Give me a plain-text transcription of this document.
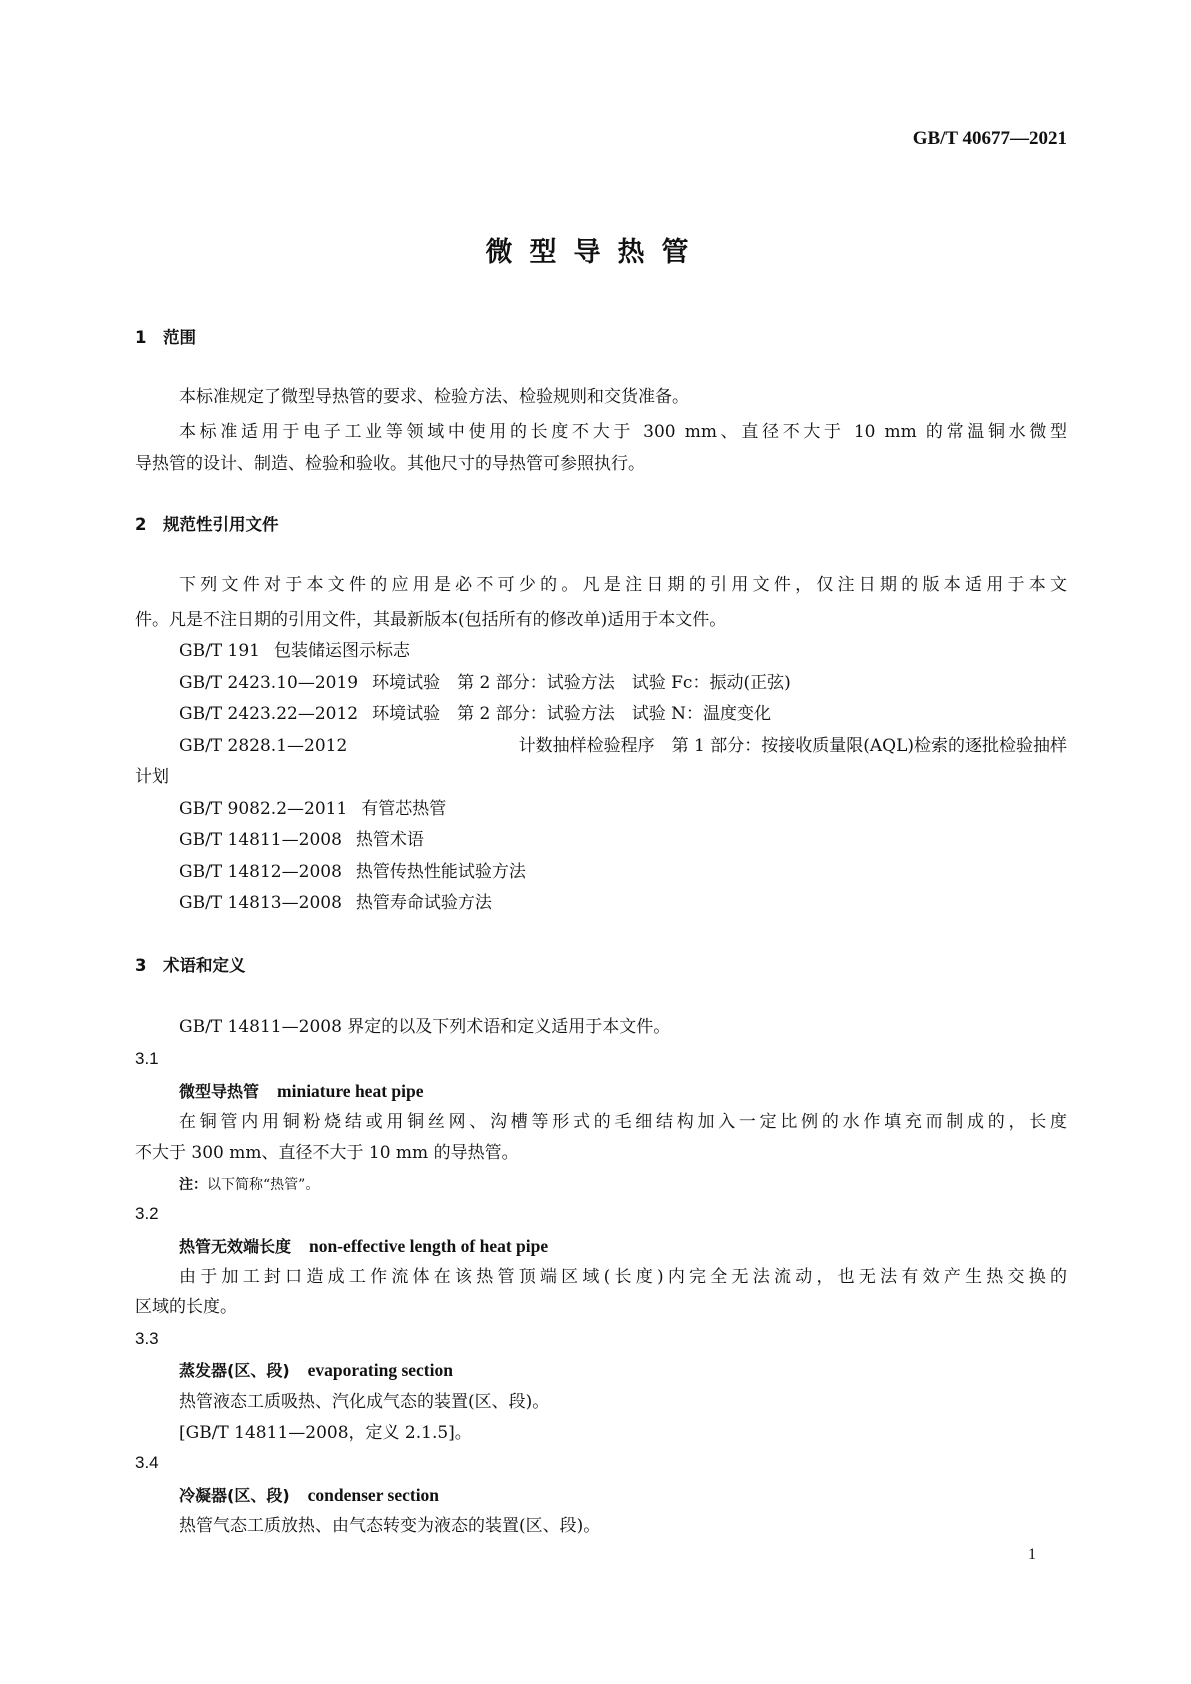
GB/T 40677—2021
微型导热管
1　范围
本标准规定了微型导热管的要求、检验方法、检验规则和交货准备。
本标准适用于电子工业等领域中使用的长度不大于 300 mm、直径不大于 10 mm 的常温铜水微型
导热管的设计、制造、检验和验收。其他尺寸的导热管可参照执行。
2　规范性引用文件
下列文件对于本文件的应用是必不可少的。凡是注日期的引用文件，仅注日期的版本适用于本文
件。凡是不注日期的引用文件，其最新版本(包括所有的修改单)适用于本文件。
GB/T 191 包装储运图示标志
GB/T 2423.10—2019 环境试验　第 2 部分：试验方法　试验 Fc：振动(正弦)
GB/T 2423.22—2012 环境试验　第 2 部分：试验方法　试验 N：温度变化
GB/T 2828.1—2012	计数抽样检验程序　第 1 部分：按接收质量限(AQL)检索的逐批检验抽样
计划
GB/T 9082.2—2011 有管芯热管
GB/T 14811—2008 热管术语
GB/T 14812—2008 热管传热性能试验方法
GB/T 14813—2008 热管寿命试验方法
3　术语和定义
GB/T 14811—2008 界定的以及下列术语和定义适用于本文件。
3.1
微型导热管 miniature heat pipe
在铜管内用铜粉烧结或用铜丝网、沟槽等形式的毛细结构加入一定比例的水作填充而制成的，长度
不大于 300 mm、直径不大于 10 mm 的导热管。
注：以下简称“热管”。
3.2
热管无效端长度 non-effective length of heat pipe
由于加工封口造成工作流体在该热管顶端区域(长度)内完全无法流动，也无法有效产生热交换的
区域的长度。
3.3
蒸发器(区、段) evaporating section
热管液态工质吸热、汽化成气态的装置(区、段)。
[GB/T 14811—2008，定义 2.1.5]。
3.4
冷凝器(区、段) condenser section
热管气态工质放热、由气态转变为液态的装置(区、段)。
1
